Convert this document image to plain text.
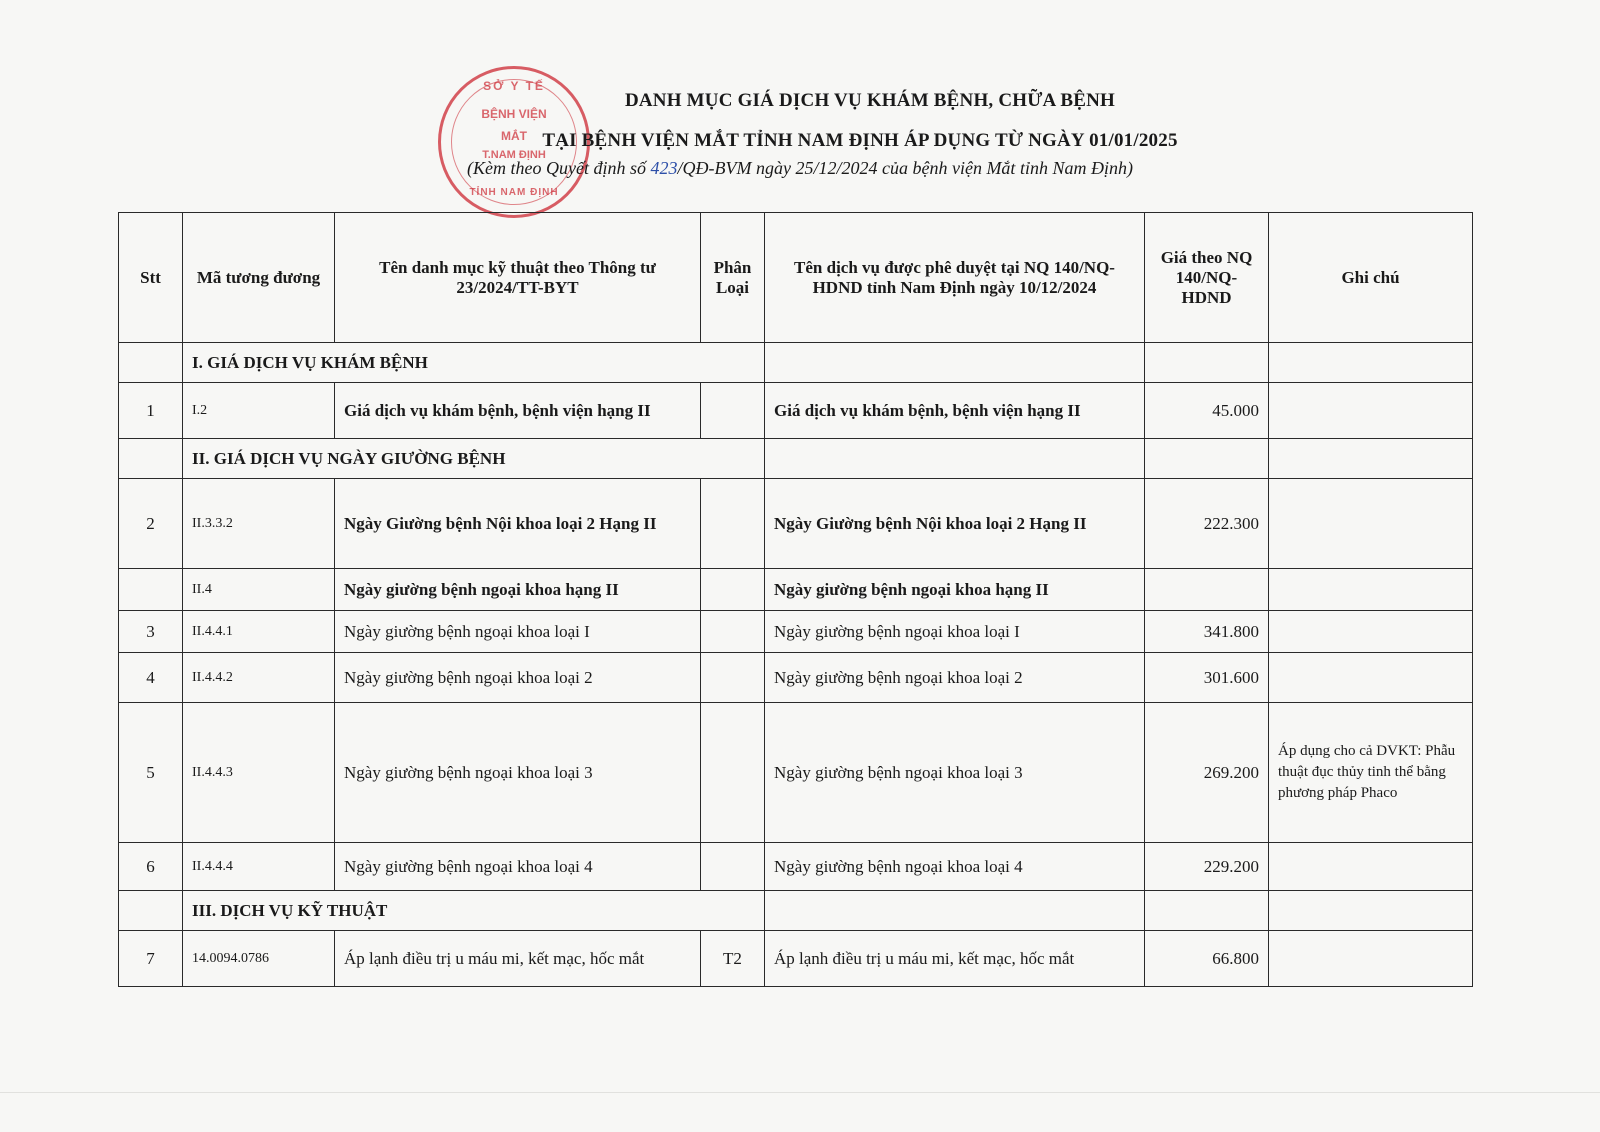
SỞ Y TẾ
BỆNH VIỆN
MẮT
T.NAM ĐỊNH
TỈNH NAM ĐỊNH
DANH MỤC GIÁ DỊCH VỤ KHÁM BỆNH, CHỮA BỆNH
TẠI BỆNH VIỆN MẮT TỈNH NAM ĐỊNH ÁP DỤNG TỪ NGÀY 01/01/2025
(Kèm theo Quyết định số 423/QĐ-BVM ngày 25/12/2024 của bệnh viện Mắt tỉnh Nam Định)
Stt	Mã tương đương	Tên danh mục kỹ thuật theo Thông tư 23/2024/TT-BYT	Phân Loại	Tên dịch vụ được phê duyệt tại NQ 140/NQ-HDND tỉnh Nam Định ngày 10/12/2024	Giá theo NQ 140/NQ-HDND	Ghi chú
	I. GIÁ DỊCH VỤ KHÁM BỆNH					
1	I.2	Giá dịch vụ khám bệnh, bệnh viện hạng II		Giá dịch vụ khám bệnh, bệnh viện hạng II	45.000	
	II. GIÁ DỊCH VỤ NGÀY GIƯỜNG BỆNH					
2	II.3.3.2	Ngày Giường bệnh Nội khoa loại 2 Hạng II		Ngày Giường bệnh Nội khoa loại 2 Hạng II	222.300	
	II.4	Ngày giường bệnh ngoại khoa hạng II		Ngày giường bệnh ngoại khoa hạng II		
3	II.4.4.1	Ngày giường bệnh ngoại khoa loại I		Ngày giường bệnh ngoại khoa loại I	341.800	
4	II.4.4.2	Ngày giường bệnh ngoại khoa loại 2		Ngày giường bệnh ngoại khoa loại 2	301.600	
5	II.4.4.3	Ngày giường bệnh ngoại khoa loại 3		Ngày giường bệnh ngoại khoa loại 3	269.200	Áp dụng cho cả DVKT: Phẫu thuật đục thủy tinh thể bằng phương pháp Phaco
6	II.4.4.4	Ngày giường bệnh ngoại khoa loại 4		Ngày giường bệnh ngoại khoa loại 4	229.200	
	III. DỊCH VỤ KỸ THUẬT					
7	14.0094.0786	Áp lạnh điều trị u máu mi, kết mạc, hốc mắt	T2	Áp lạnh điều trị u máu mi, kết mạc, hốc mắt	66.800	
